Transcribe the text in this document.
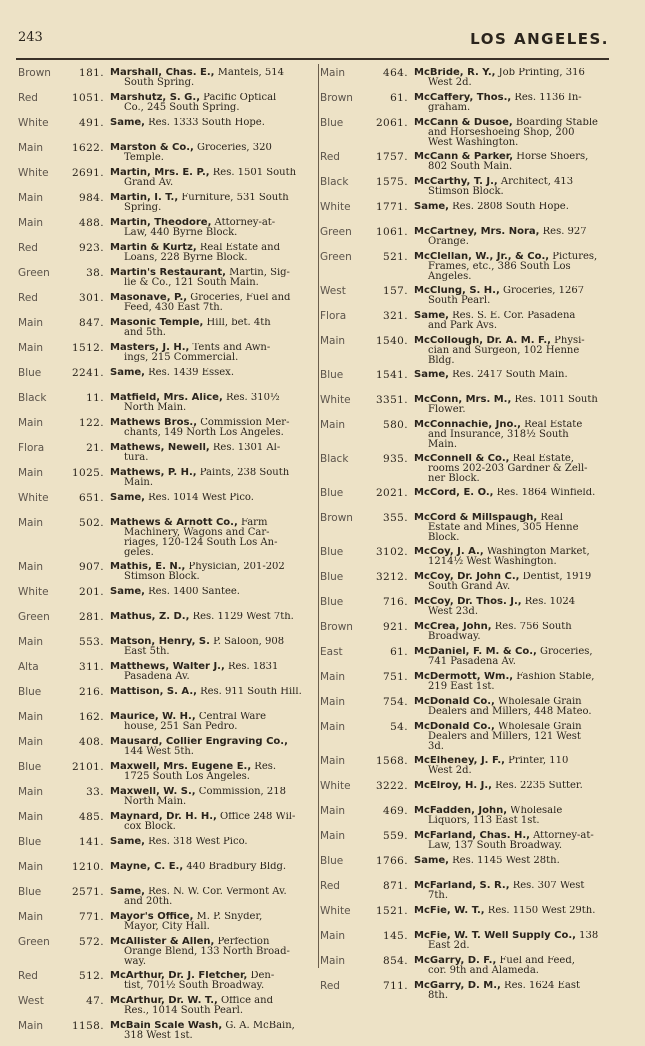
243	LOS ANGELES.
Brown	181. Marshall, Chas. E., Mantels, 514
South Spring.
Red	1051. Marshutz, S. G., Pacific Optical
Co., 245 South Spring.
White	491. Same, Res. 1333 South Hope.
Main	1622. Marston & Co., Groceries, 320
Temple.
White	2691. Martin, Mrs. E. P., Res. 1501 South
Grand Av.
Main	984. Martin, I. T., Furniture, 531 South
Spring.
Main	488. Martin, Theodore, Attorney-at-
Law, 440 Byrne Block.
Red	923. Martin & Kurtz, Real Estate and
Loans, 228 Byrne Block.
Green	38. Martin's Restaurant, Martin, Sig-
lie & Co., 121 South Main.
Red	301. Masonave, P., Groceries, Fuel and
Feed, 430 East 7th.
Main	847. Masonic Temple, Hill, bet. 4th
and 5th.
Main	1512. Masters, J. H., Tents and Awn-
ings, 215 Commercial.
Blue	2241. Same, Res. 1439 Essex.
Black	11. Matfield, Mrs. Alice, Res. 310½
North Main.
Main	122. Mathews Bros., Commission Mer-
chants, 149 North Los Angeles.
Flora	21. Mathews, Newell, Res. 1301 Al-
tura.
Main	1025. Mathews, P. H., Paints, 238 South
Main.
White	651. Same, Res. 1014 West Pico.
Main	502. Mathews & Arnott Co., Farm
Machinery, Wagons and Car-
riages, 120-124 South Los An-
geles.
Main	907. Mathis, E. N., Physician, 201-202
Stimson Block.
White	201. Same, Res. 1400 Santee.
Green	281. Mathus, Z. D., Res. 1129 West 7th.
Main	553. Matson, Henry, S. P. Saloon, 908
East 5th.
Alta	311. Matthews, Walter J., Res. 1831
Pasadena Av.
Blue	216. Mattison, S. A., Res. 911 South Hill.
Main	162. Maurice, W. H., Central Ware
house, 251 San Pedro.
Main	408. Mausard, Collier Engraving Co.,
144 West 5th.
Blue	2101. Maxwell, Mrs. Eugene E., Res.
1725 South Los Angeles.
Main	33. Maxwell, W. S., Commission, 218
North Main.
Main	485. Maynard, Dr. H. H., Office 248 Wil-
cox Block.
Blue	141. Same, Res. 318 West Pico.
Main	1210. Mayne, C. E., 440 Bradbury Bldg.
Blue	2571. Same, Res. N. W. Cor. Vermont Av.
and 20th.
Main	771. Mayor's Office, M. P. Snyder,
Mayor, City Hall.
Green	572. McAllister & Allen, Perfection
Orange Blend, 133 North Broad-
way.
Red	512. McArthur, Dr. J. Fletcher, Den-
tist, 701½ South Broadway.
West	47. McArthur, Dr. W. T., Office and
Res., 1014 South Pearl.
Main	1158. McBain Scale Wash, G. A. McBain,
318 West 1st.
Main	464. McBride, R. Y., Job Printing, 316
West 2d.
Brown	61. McCaffery, Thos., Res. 1136 In-
graham.
Blue	2061. McCann & Dusoe, Boarding Stable
and Horseshoeing Shop, 200
West Washington.
Red	1757. McCann & Parker, Horse Shoers,
802 South Main.
Black	1575. McCarthy, T. J., Architect, 413
Stimson Block.
White	1771. Same, Res. 2808 South Hope.
Green	1061. McCartney, Mrs. Nora, Res. 927
Orange.
Green	521. McClellan, W., Jr., & Co., Pictures,
Frames, etc., 386 South Los
Angeles.
West	157. McClung, S. H., Groceries, 1267
South Pearl.
Flora	321. Same, Res. S. E. Cor. Pasadena
and Park Avs.
Main	1540. McCollough, Dr. A. M. F., Physi-
cian and Surgeon, 102 Henne
Bldg.
Blue	1541. Same, Res. 2417 South Main.
White	3351. McConn, Mrs. M., Res. 1011 South
Flower.
Main	580. McConnachie, Jno., Real Estate
and Insurance, 318½ South
Main.
Black	935. McConnell & Co., Real Estate,
rooms 202-203 Gardner & Zell-
ner Block.
Blue	2021. McCord, E. O., Res. 1864 Winfield.
Brown	355. McCord & Millspaugh, Real
Estate and Mines, 305 Henne
Block.
Blue	3102. McCoy, J. A., Washington Market,
1214½ West Washington.
Blue	3212. McCoy, Dr. John C., Dentist, 1919
South Grand Av.
Blue	716. McCoy, Dr. Thos. J., Res. 1024
West 23d.
Brown	921. McCrea, John, Res. 756 South
Broadway.
East	61. McDaniel, F. M. & Co., Groceries,
741 Pasadena Av.
Main	751. McDermott, Wm., Fashion Stable,
219 East 1st.
Main	754. McDonald Co., Wholesale Grain
Dealers and Millers, 448 Mateo.
Main	54. McDonald Co., Wholesale Grain
Dealers and Millers, 121 West
3d.
Main	1568. McElheney, J. F., Printer, 110
West 2d.
White	3222. McElroy, H. J., Res. 2235 Sutter.
Main	469. McFadden, John, Wholesale
Liquors, 113 East 1st.
Main	559. McFarland, Chas. H., Attorney-at-
Law, 137 South Broadway.
Blue	1766. Same, Res. 1145 West 28th.
Red	871. McFarland, S. R., Res. 307 West
7th.
White	1521. McFie, W. T., Res. 1150 West 29th.
Main	145. McFie, W. T. Well Supply Co., 138
East 2d.
Main	854. McGarry, D. F., Fuel and Feed,
cor. 9th and Alameda.
Red	711. McGarry, D. M., Res. 1624 East
8th.
